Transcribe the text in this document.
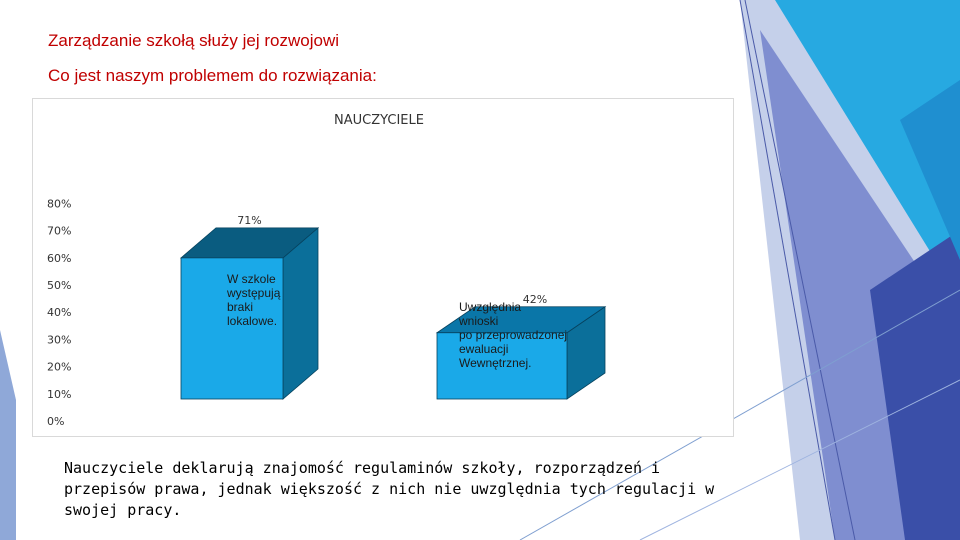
Zarządzanie szkołą służy jej rozwojowi
Co jest naszym problemem do rozwiązania:
NAUCZYCIELE
0%
10%
20%
30%
40%
50%
60%
70%
80%
71%
W szkole
występują
braki
lokalowe.
42%
Uwzględnia
wnioski
po przeprowadzonej
ewaluacji
Wewnętrznej.
Nauczyciele deklarują znajomość regulaminów szkoły, rozporządzeń i przepisów prawa, jednak większość z nich nie uwzględnia tych regulacji w swojej pracy.
